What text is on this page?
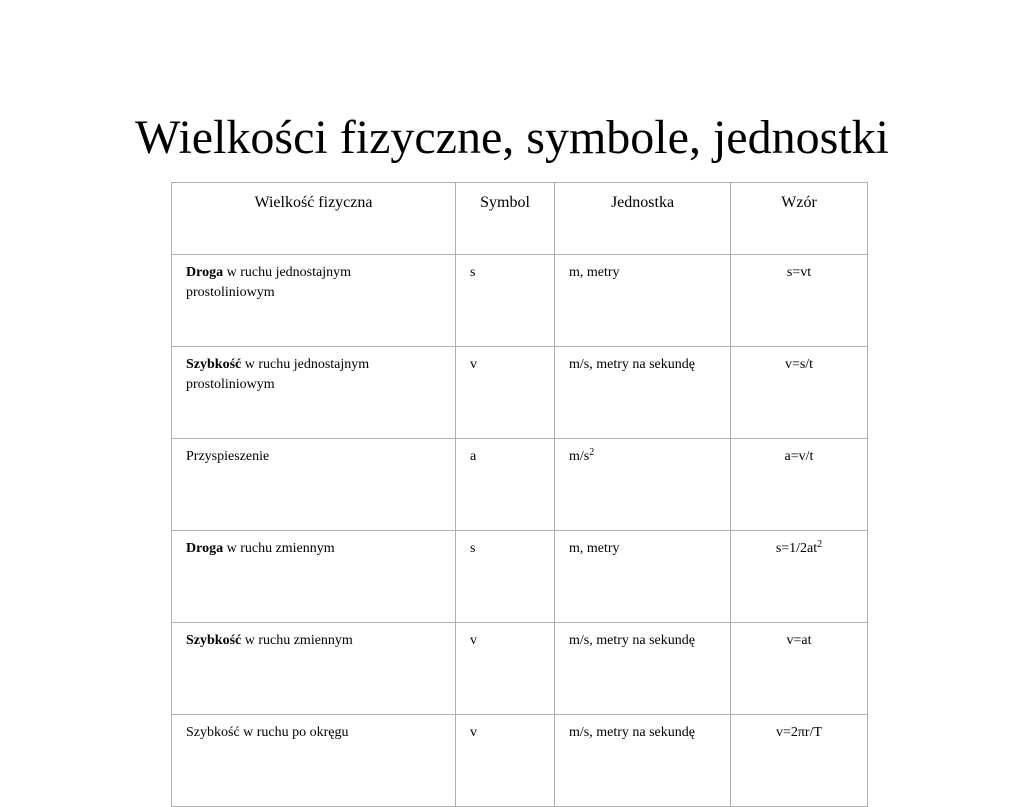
Wielkości fizyczne, symbole, jednostki
Wielkość fizyczna	Symbol	Jednostka	Wzór
Droga w ruchu jednostajnym prostoliniowym	s	m, metry	s=vt
Szybkość w ruchu jednostajnym prostoliniowym	v	m/s, metry na sekundę	v=s/t
Przyspieszenie	a	$m/s^2$	a=v/t
Droga w ruchu zmiennym	s	m, metry	$s=1/2at^2$
Szybkość w ruchu zmiennym	v	m/s, metry na sekundę	v=at
Szybkość w ruchu po okręgu	v	m/s, metry na sekundę	v=2πr/T
